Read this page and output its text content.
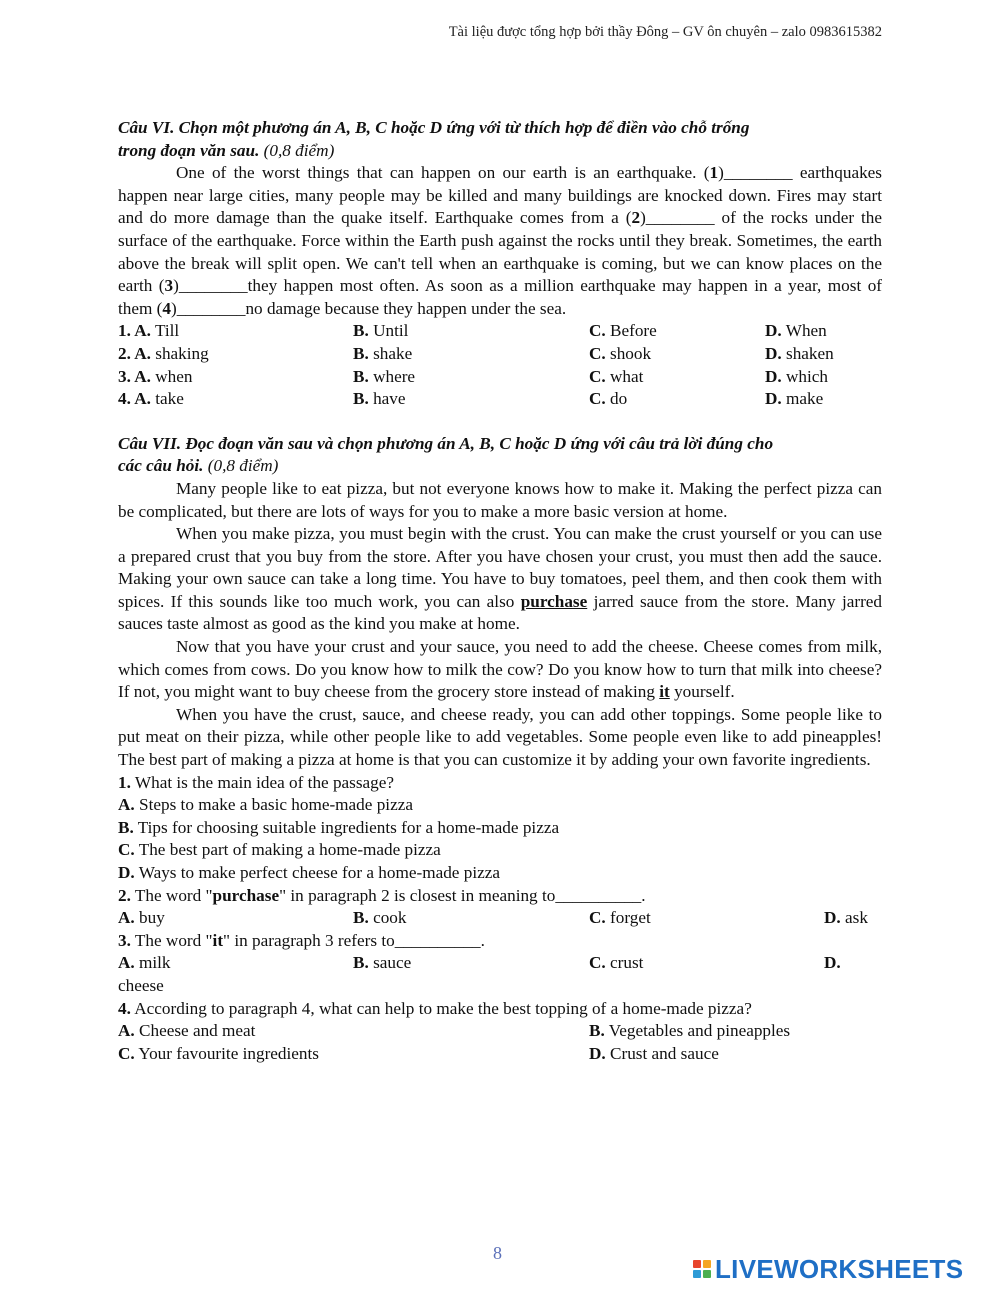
Tài liệu được tổng hợp bởi thầy Đông – GV ôn chuyên – zalo 0983615382
Câu VI. Chọn một phương án A, B, C hoặc D ứng với từ thích hợp để điền vào chỗ trống
trong đoạn văn sau. (0,8 điểm)

One of the worst things that can happen on our earth is an earthquake. (1)________ earthquakes happen near large cities, many people may be killed and many buildings are knocked down. Fires may start and do more damage than the quake itself. Earthquake comes from a (2)________ of the rocks under the surface of the earthquake. Force within the Earth push against the rocks until they break. Sometimes, the earth above the break will split open. We can't tell when an earthquake is coming, but we can know places on the earth (3)________they happen most often. As soon as a million earthquake may happen in a year, most of them (4)________no damage because they happen under the sea.

1. A. Till	B. Until	C. Before	D. When
2. A. shaking	B. shake	C. shook	D. shaken
3. A. when	B. where	C. what	D. which
4. A. take	B. have	C. do	D. make
Câu VII. Đọc đoạn văn sau và chọn phương án A, B, C hoặc D ứng với câu trả lời đúng cho
các câu hỏi. (0,8 điểm)

Many people like to eat pizza, but not everyone knows how to make it. Making the perfect pizza can be complicated, but there are lots of ways for you to make a more basic version at home.

When you make pizza, you must begin with the crust. You can make the crust yourself or you can use a prepared crust that you buy from the store. After you have chosen your crust, you must then add the sauce. Making your own sauce can take a long time. You have to buy tomatoes, peel them, and then cook them with spices. If this sounds like too much work, you can also purchase jarred sauce from the store. Many jarred sauces taste almost as good as the kind you make at home.

Now that you have your crust and your sauce, you need to add the cheese. Cheese comes from milk, which comes from cows. Do you know how to milk the cow? Do you know how to turn that milk into cheese? If not, you might want to buy cheese from the grocery store instead of making it yourself.

When you have the crust, sauce, and cheese ready, you can add other toppings. Some people like to put meat on their pizza, while other people like to add vegetables. Some people even like to add pineapples! The best part of making a pizza at home is that you can customize it by adding your own favorite ingredients.

1. What is the main idea of the passage?

A. Steps to make a basic home-made pizza

B. Tips for choosing suitable ingredients for a home-made pizza

C. The best part of making a home-made pizza

D. Ways to make perfect cheese for a home-made pizza

2. The word "purchase" in paragraph 2 is closest in meaning to__________.

A. buy	B. cook	C. forget	D. ask

3. The word "it" in paragraph 3 refers to__________.

A. milk	B. sauce	C. crust	D.

cheese

4. According to paragraph 4, what can help to make the best topping of a home-made pizza?

A. Cheese and meat	B. Vegetables and pineapples
C. Your favourite ingredients	D. Crust and sauce
8
LIVEWORKSHEETS
